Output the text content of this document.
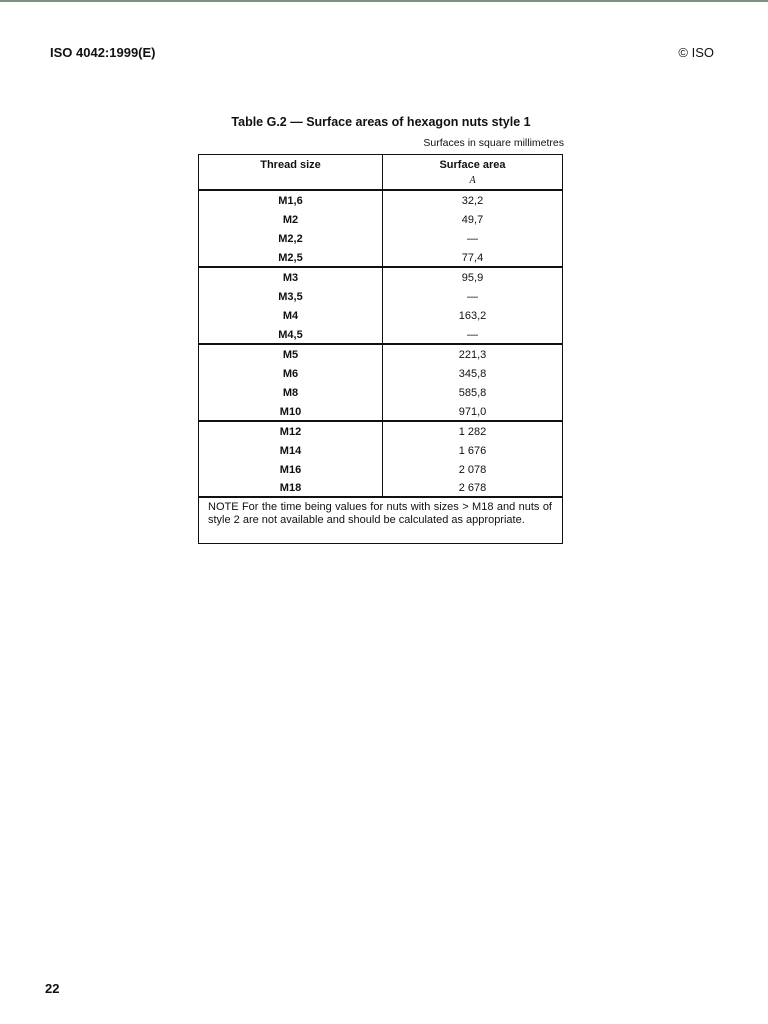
ISO 4042:1999(E)	© ISO
Table G.2 — Surface areas of hexagon nuts style 1
Surfaces in square millimetres
Thread size	Surface area
A
M1,6	32,2
M2	49,7
M2,2	—
M2,5	77,4
M3	95,9
M3,5	—
M4	163,2
M4,5	—
M5	221,3
M6	345,8
M8	585,8
M10	971,0
M12	1 282
M14	1 676
M16	2 078
M18	2 678
NOTE For the time being values for nuts with sizes > M18 and nuts of style 2 are not available and should be calculated as appropriate.
22
